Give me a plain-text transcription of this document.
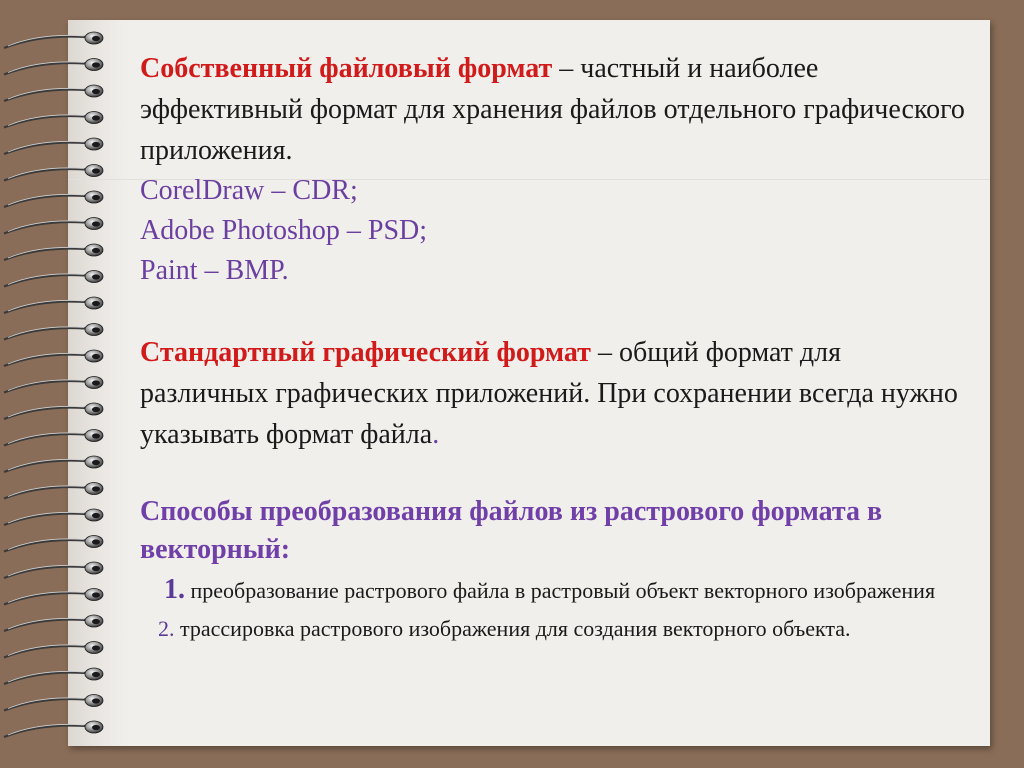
Собственный файловый формат – частный и наиболее эффективный формат для хранения файлов отдельного графического приложения.

CorelDraw – CDR;

Adobe Photoshop – PSD;

Paint – BMP.

Стандартный графический формат – общий формат для различных графических приложений. При сохранении всегда нужно указывать формат файла.

Способы преобразования файлов из растрового формата в векторный:

1. преобразование растрового файла в растровый объект векторного изображения

2. трассировка растрового изображения для создания векторного объекта.
